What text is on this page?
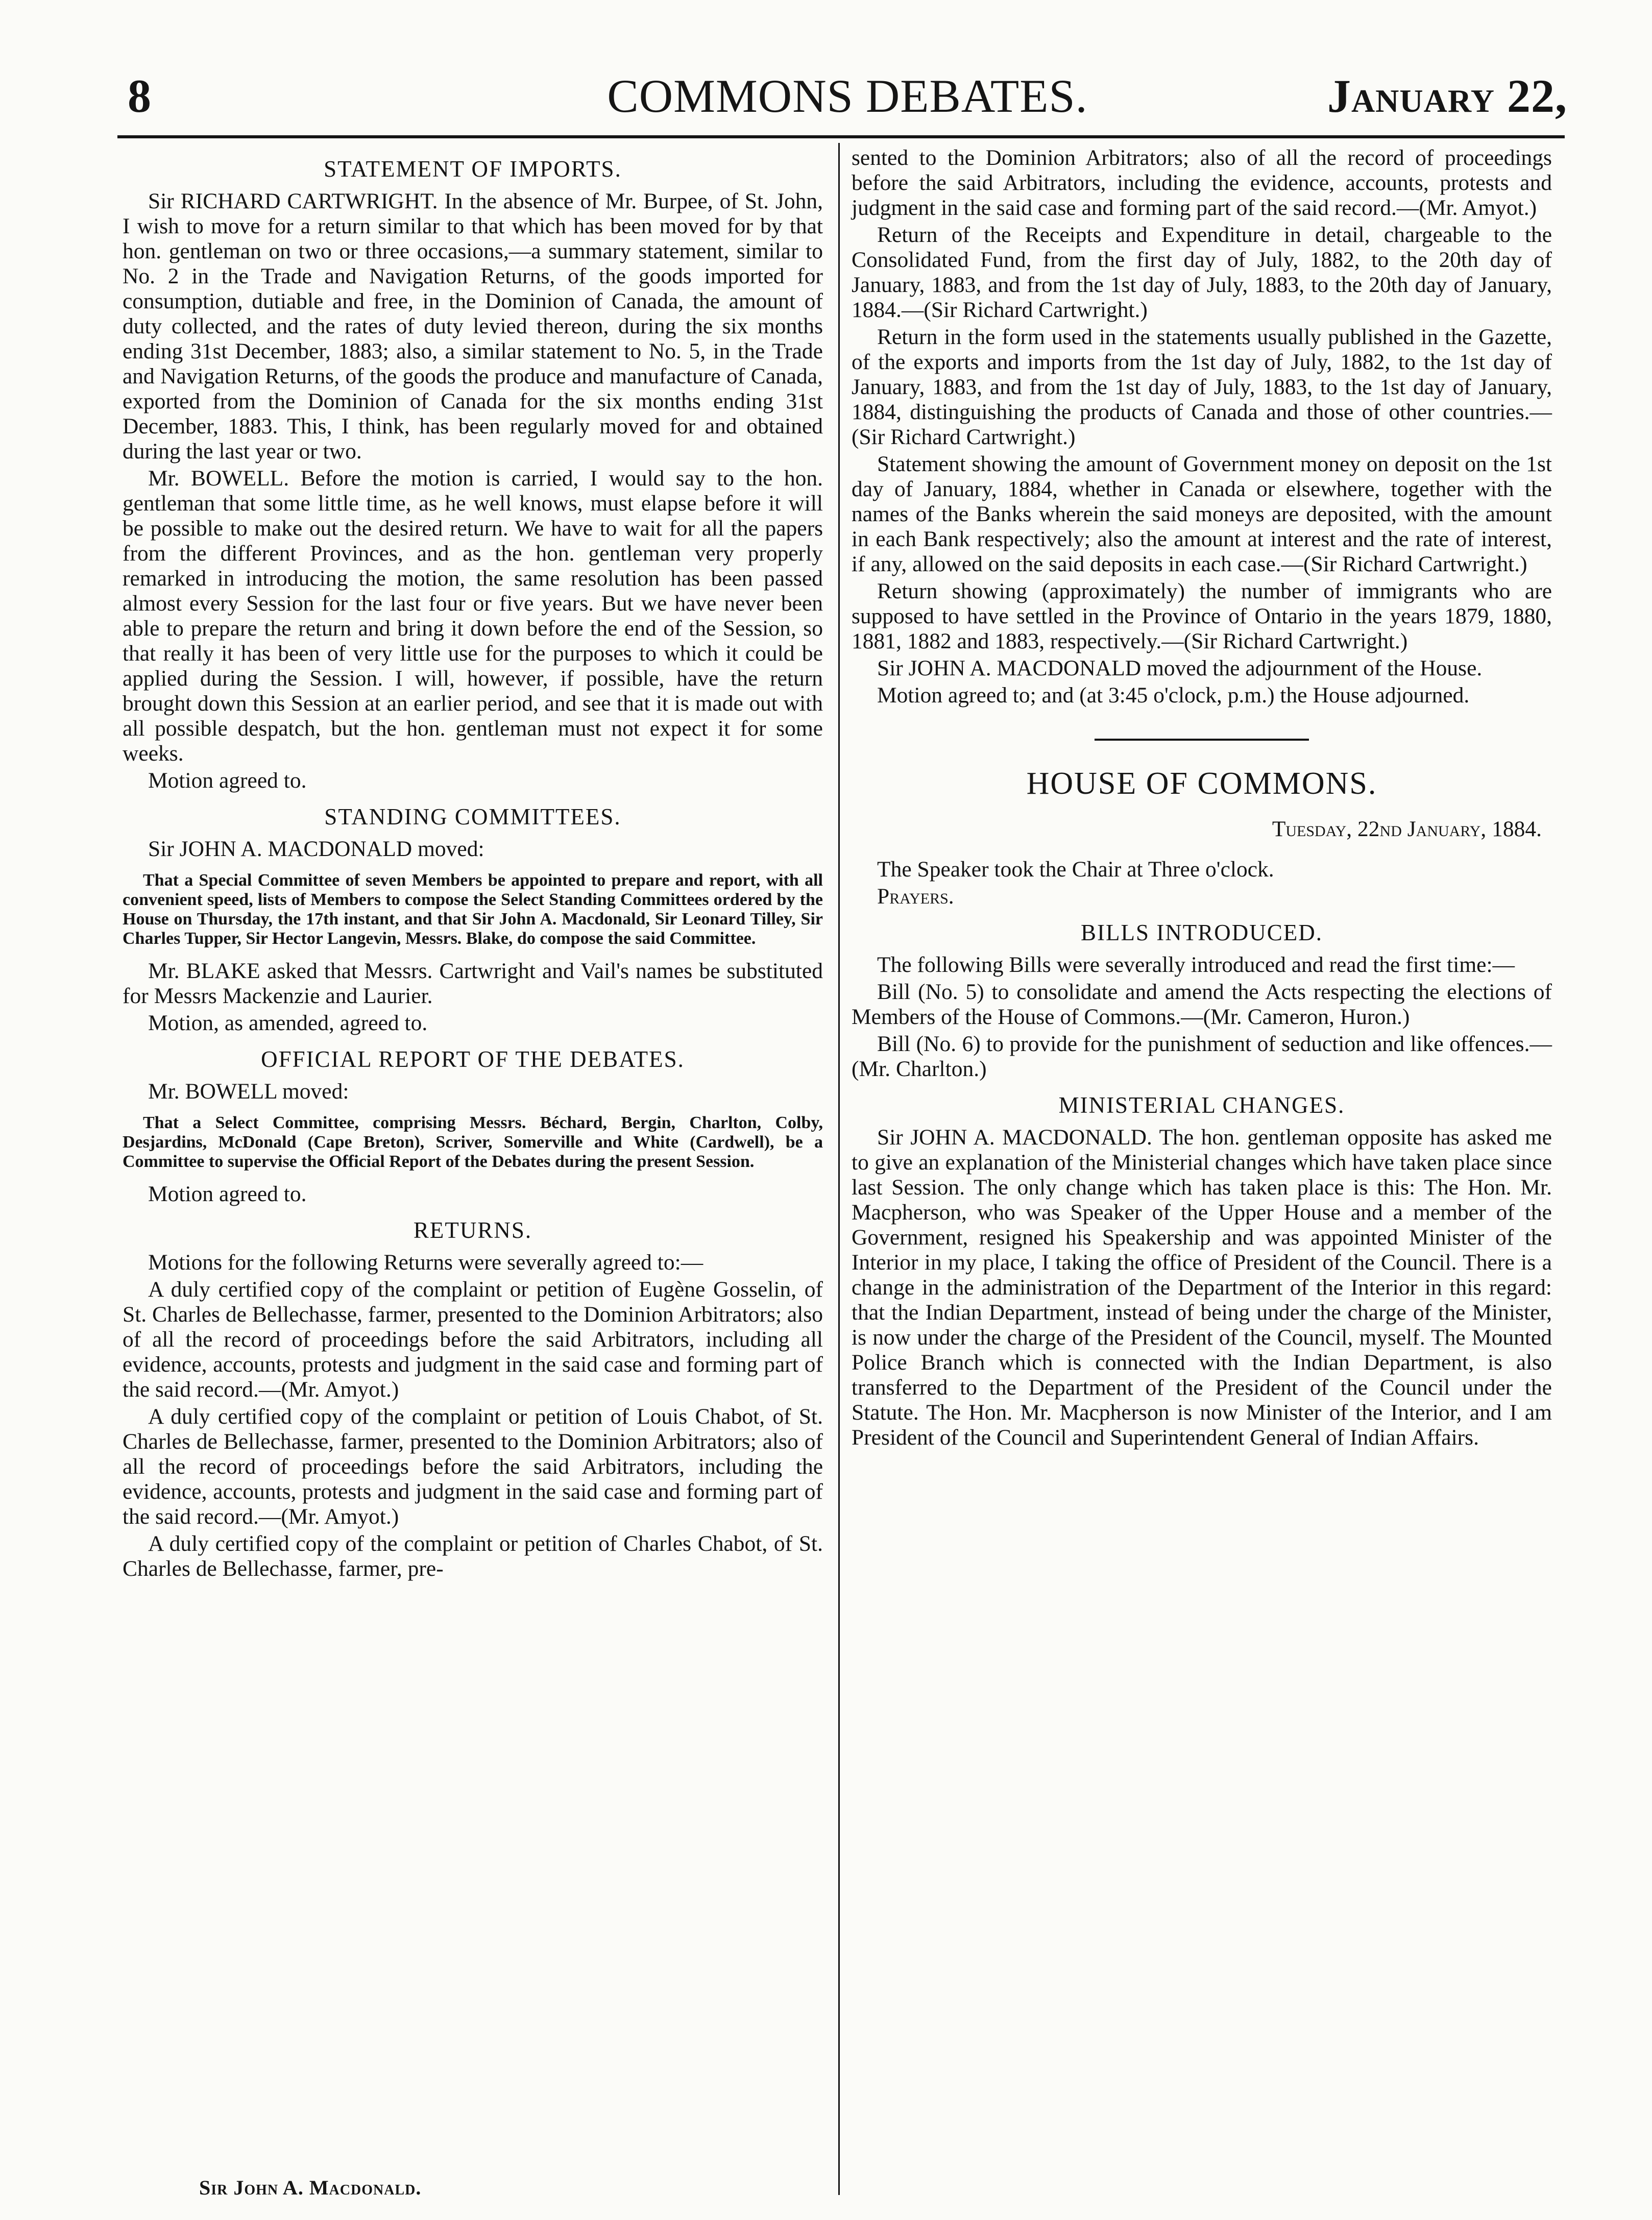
8	COMMONS DEBATES.	January 22,
STATEMENT OF IMPORTS.

Sir RICHARD CARTWRIGHT. In the absence of Mr. Burpee, of St. John, I wish to move for a return similar to that which has been moved for by that hon. gentleman on two or three occasions,—a summary statement, similar to No. 2 in the Trade and Navigation Returns, of the goods imported for consumption, dutiable and free, in the Dominion of Canada, the amount of duty collected, and the rates of duty levied thereon, during the six months ending 31st December, 1883; also, a similar statement to No. 5, in the Trade and Navigation Returns, of the goods the produce and manufacture of Canada, exported from the Dominion of Canada for the six months ending 31st December, 1883. This, I think, has been regularly moved for and obtained during the last year or two.

Mr. BOWELL. Before the motion is carried, I would say to the hon. gentleman that some little time, as he well knows, must elapse before it will be possible to make out the desired return. We have to wait for all the papers from the different Provinces, and as the hon. gentleman very properly remarked in introducing the motion, the same resolution has been passed almost every Session for the last four or five years. But we have never been able to prepare the return and bring it down before the end of the Session, so that really it has been of very little use for the purposes to which it could be applied during the Session. I will, however, if possible, have the return brought down this Session at an earlier period, and see that it is made out with all possible despatch, but the hon. gentleman must not expect it for some weeks.

Motion agreed to.

STANDING COMMITTEES.

Sir JOHN A. MACDONALD moved:

That a Special Committee of seven Members be appointed to prepare and report, with all convenient speed, lists of Members to compose the Select Standing Committees ordered by the House on Thursday, the 17th instant, and that Sir John A. Macdonald, Sir Leonard Tilley, Sir Charles Tupper, Sir Hector Langevin, Messrs. Blake, do compose the said Committee.

Mr. BLAKE asked that Messrs. Cartwright and Vail's names be substituted for Messrs Mackenzie and Laurier.

Motion, as amended, agreed to.

OFFICIAL REPORT OF THE DEBATES.

Mr. BOWELL moved:

That a Select Committee, comprising Messrs. Béchard, Bergin, Charlton, Colby, Desjardins, McDonald (Cape Breton), Scriver, Somerville and White (Cardwell), be a Committee to supervise the Official Report of the Debates during the present Session.

Motion agreed to.

RETURNS.

Motions for the following Returns were severally agreed to:—

A duly certified copy of the complaint or petition of Eugène Gosselin, of St. Charles de Bellechasse, farmer, presented to the Dominion Arbitrators; also of all the record of proceedings before the said Arbitrators, including all evidence, accounts, protests and judgment in the said case and forming part of the said record.—(Mr. Amyot.)

A duly certified copy of the complaint or petition of Louis Chabot, of St. Charles de Bellechasse, farmer, presented to the Dominion Arbitrators; also of all the record of proceedings before the said Arbitrators, including the evidence, accounts, protests and judgment in the said case and forming part of the said record.—(Mr. Amyot.)

A duly certified copy of the complaint or petition of Charles Chabot, of St. Charles de Bellechasse, farmer, pre-

Sir John A. Macdonald.

sented to the Dominion Arbitrators; also of all the record of proceedings before the said Arbitrators, including the evidence, accounts, protests and judgment in the said case and forming part of the said record.—(Mr. Amyot.)

Return of the Receipts and Expenditure in detail, chargeable to the Consolidated Fund, from the first day of July, 1882, to the 20th day of January, 1883, and from the 1st day of July, 1883, to the 20th day of January, 1884.—(Sir Richard Cartwright.)

Return in the form used in the statements usually published in the Gazette, of the exports and imports from the 1st day of July, 1882, to the 1st day of January, 1883, and from the 1st day of July, 1883, to the 1st day of January, 1884, distinguishing the products of Canada and those of other countries.—(Sir Richard Cartwright.)

Statement showing the amount of Government money on deposit on the 1st day of January, 1884, whether in Canada or elsewhere, together with the names of the Banks wherein the said moneys are deposited, with the amount in each Bank respectively; also the amount at interest and the rate of interest, if any, allowed on the said deposits in each case.—(Sir Richard Cartwright.)

Return showing (approximately) the number of immigrants who are supposed to have settled in the Province of Ontario in the years 1879, 1880, 1881, 1882 and 1883, respectively.—(Sir Richard Cartwright.)

Sir JOHN A. MACDONALD moved the adjournment of the House.

Motion agreed to; and (at 3:45 o'clock, p.m.) the House adjourned.

HOUSE OF COMMONS.
Tuesday, 22nd January, 1884.

The Speaker took the Chair at Three o'clock.

Prayers.

BILLS INTRODUCED.

The following Bills were severally introduced and read the first time:—

Bill (No. 5) to consolidate and amend the Acts respecting the elections of Members of the House of Commons.—(Mr. Cameron, Huron.)

Bill (No. 6) to provide for the punishment of seduction and like offences.—(Mr. Charlton.)

MINISTERIAL CHANGES.

Sir JOHN A. MACDONALD. The hon. gentleman opposite has asked me to give an explanation of the Ministerial changes which have taken place since last Session. The only change which has taken place is this: The Hon. Mr. Macpherson, who was Speaker of the Upper House and a member of the Government, resigned his Speakership and was appointed Minister of the Interior in my place, I taking the office of President of the Council. There is a change in the administration of the Department of the Interior in this regard: that the Indian Department, instead of being under the charge of the Minister, is now under the charge of the President of the Council, myself. The Mounted Police Branch which is connected with the Indian Department, is also transferred to the Department of the President of the Council under the Statute. The Hon. Mr. Macpherson is now Minister of the Interior, and I am President of the Council and Superintendent General of Indian Affairs.
